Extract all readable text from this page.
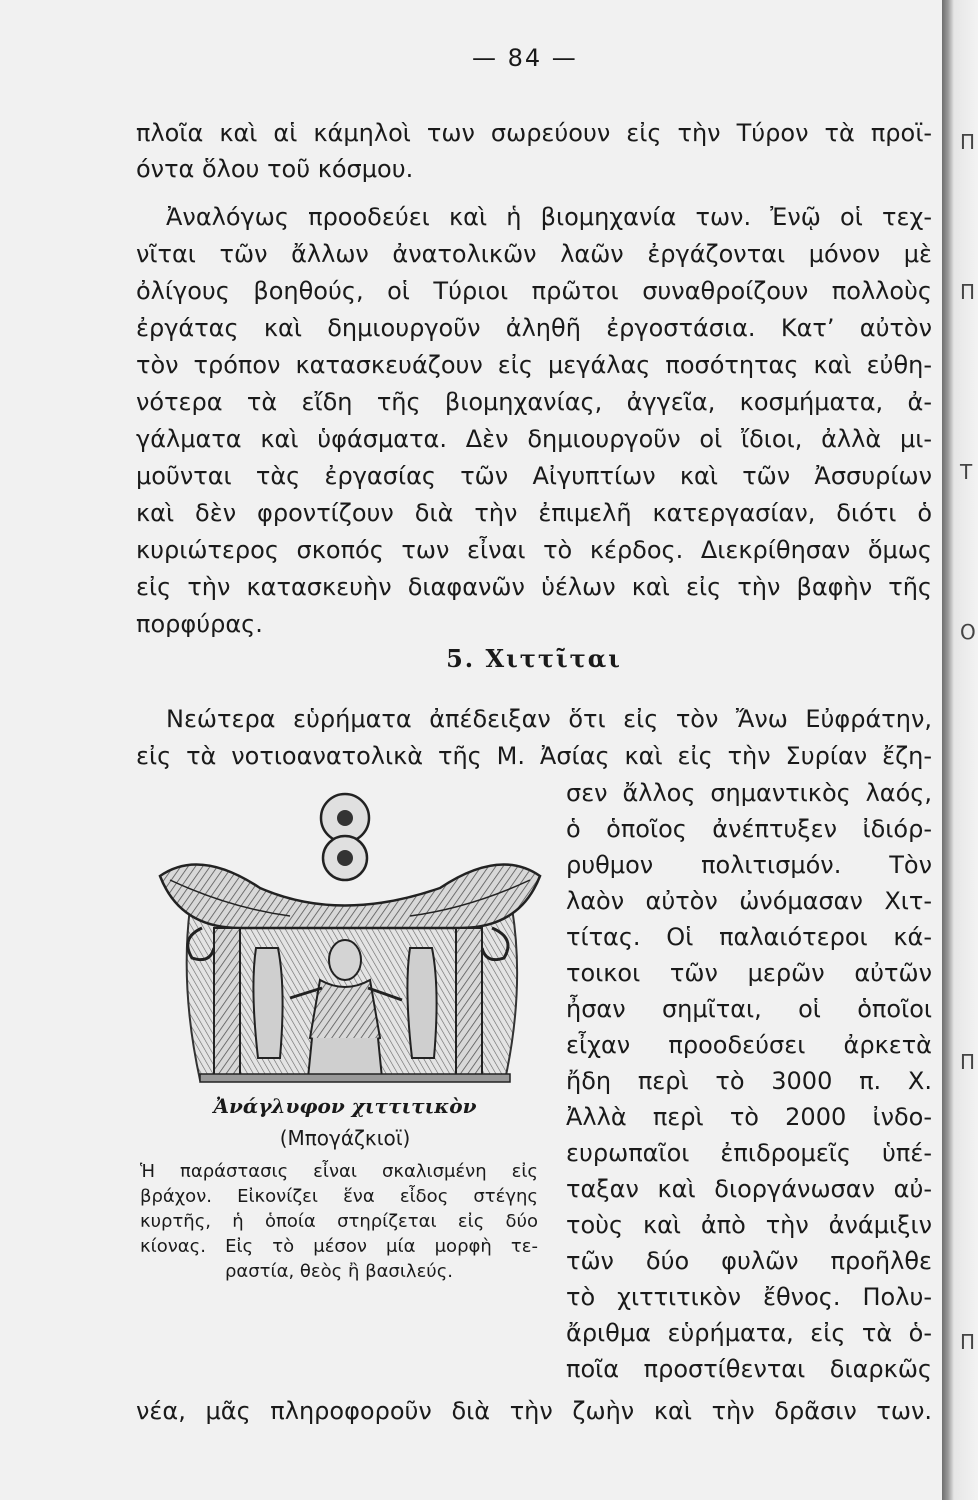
— 84 —
πλοῖα καὶ αἱ κάμηλοὶ των σωρεύουν εἰς τὴν Τύρον τὰ προϊ-
όντα ὅλου τοῦ κόσμου.
Ἀναλόγως προοδεύει καὶ ἡ βιομηχανία των. Ἐνῷ οἱ τεχ-
νῖται τῶν ἄλλων ἀνατολικῶν λαῶν ἐργάζονται μόνον μὲ
ὀλίγους βοηθούς, οἱ Τύριοι πρῶτοι συναθροίζουν πολλοὺς
ἐργάτας καὶ δημιουργοῦν ἀληθῆ ἐργοστάσια. Κατ’ αὐτὸν
τὸν τρόπον κατασκευάζουν εἰς μεγάλας ποσότητας καὶ εὐθη-
νότερα τὰ εἴδη τῆς βιομηχανίας, ἀγγεῖα, κοσμήματα, ἀ-
γάλματα καὶ ὑφάσματα. Δὲν δημιουργοῦν οἱ ἴδιοι, ἀλλὰ μι-
μοῦνται τὰς ἐργασίας τῶν Αἰγυπτίων καὶ τῶν Ἀσσυρίων
καὶ δὲν φροντίζουν διὰ τὴν ἐπιμελῆ κατεργασίαν, διότι ὁ
κυριώτερος σκοπός των εἶναι τὸ κέρδος. Διεκρίθησαν ὅμως
εἰς τὴν κατασκευὴν διαφανῶν ὑέλων καὶ εἰς τὴν βαφὴν τῆς
πορφύρας.
5. Χιττῖται
Νεώτερα εὑρήματα ἀπέδειξαν ὅτι εἰς τὸν Ἄνω Εὐφράτην,
εἰς τὰ νοτιοανατολικὰ τῆς Μ. Ἀσίας καὶ εἰς τὴν Συρίαν ἔζη-
σεν ἄλλος σημαντικὸς λαός,
ὁ ὁποῖος ἀνέπτυξεν ἰδιόρ-
ρυθμον πολιτισμόν. Τὸν
λαὸν αὐτὸν ὠνόμασαν Χιτ-
τίτας. Οἱ παλαιότεροι κά-
τοικοι τῶν μερῶν αὐτῶν
ἦσαν σημῖται, οἱ ὁποῖοι
εἶχαν προοδεύσει ἀρκετὰ
ἤδη περὶ τὸ 3000 π. Χ.
Ἀλλὰ περὶ τὸ 2000 ἰνδο-
ευρωπαῖοι ἐπιδρομεῖς ὑπέ-
ταξαν καὶ διοργάνωσαν αὐ-
τοὺς καὶ ἀπὸ τὴν ἀνάμιξιν
τῶν δύο φυλῶν προῆλθε
τὸ χιττιτικὸν ἔθνος. Πολυ-
ἄριθμα εὑρήματα, εἰς τὰ ὁ-
ποῖα προστίθενται διαρκῶς
νέα, μᾶς πληροφοροῦν διὰ τὴν ζωὴν καὶ τὴν δρᾶσιν των.
Ἀνάγλυφον χιττιτικὸν
(Μπογάζκιοϊ)
Ἡ παράστασις εἶναι σκαλισμένη εἰς
βράχον. Εἰκονίζει ἕνα εἶδος στέγης
κυρτῆς, ἡ ὁποία στηρίζεται εἰς δύο
κίονας. Εἰς τὸ μέσον μία μορφὴ τε-
ραστία, θεὸς ἢ βασιλεύς.
Π
Π
Τ
Ο
Π
Π
